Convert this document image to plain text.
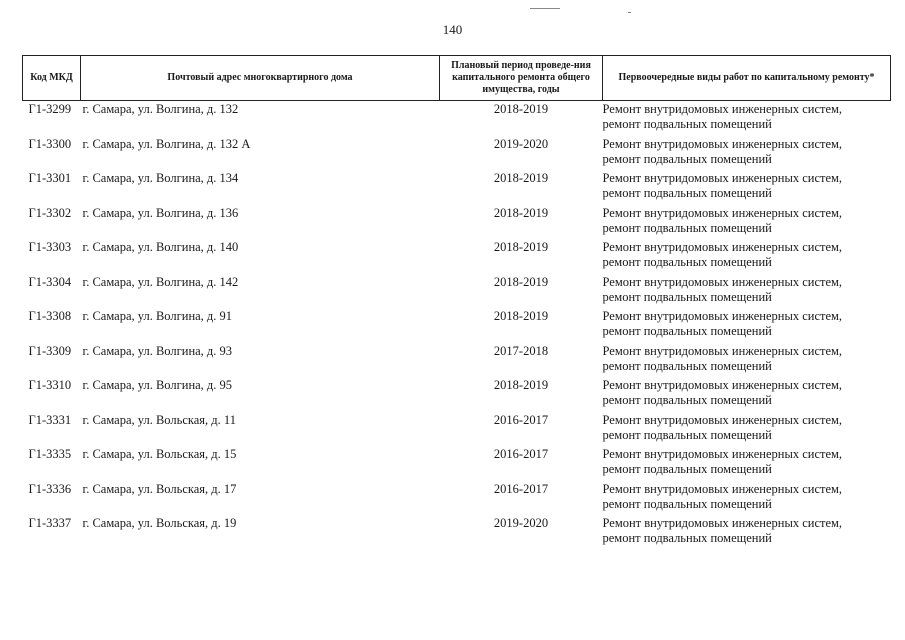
140
Код МКД	Почтовый адрес многоквартирного дома	Плановый период проведе-ния капитального ремонта общего имущества, годы	Первоочередные виды работ по капитальному ремонту*
Г1-3299	г. Самара, ул. Волгина, д. 132	2018-2019	Ремонт внутридомовых инженерных систем,
ремонт подвальных помещений

Г1-3300	г. Самара, ул. Волгина, д. 132 А	2019-2020	Ремонт внутридомовых инженерных систем,
ремонт подвальных помещений

Г1-3301	г. Самара, ул. Волгина, д. 134	2018-2019	Ремонт внутридомовых инженерных систем,
ремонт подвальных помещений

Г1-3302	г. Самара, ул. Волгина, д. 136	2018-2019	Ремонт внутридомовых инженерных систем,
ремонт подвальных помещений

Г1-3303	г. Самара, ул. Волгина, д. 140	2018-2019	Ремонт внутридомовых инженерных систем,
ремонт подвальных помещений

Г1-3304	г. Самара, ул. Волгина, д. 142	2018-2019	Ремонт внутридомовых инженерных систем,
ремонт подвальных помещений

Г1-3308	г. Самара, ул. Волгина, д. 91	2018-2019	Ремонт внутридомовых инженерных систем,
ремонт подвальных помещений

Г1-3309	г. Самара, ул. Волгина, д. 93	2017-2018	Ремонт внутридомовых инженерных систем,
ремонт подвальных помещений

Г1-3310	г. Самара, ул. Волгина, д. 95	2018-2019	Ремонт внутридомовых инженерных систем,
ремонт подвальных помещений

Г1-3331	г. Самара, ул. Вольская, д. 11	2016-2017	Ремонт внутридомовых инженерных систем,
ремонт подвальных помещений

Г1-3335	г. Самара, ул. Вольская, д. 15	2016-2017	Ремонт внутридомовых инженерных систем,
ремонт подвальных помещений

Г1-3336	г. Самара, ул. Вольская, д. 17	2016-2017	Ремонт внутридомовых инженерных систем,
ремонт подвальных помещений

Г1-3337	г. Самара, ул. Вольская, д. 19	2019-2020	Ремонт внутридомовых инженерных систем,
ремонт подвальных помещений
